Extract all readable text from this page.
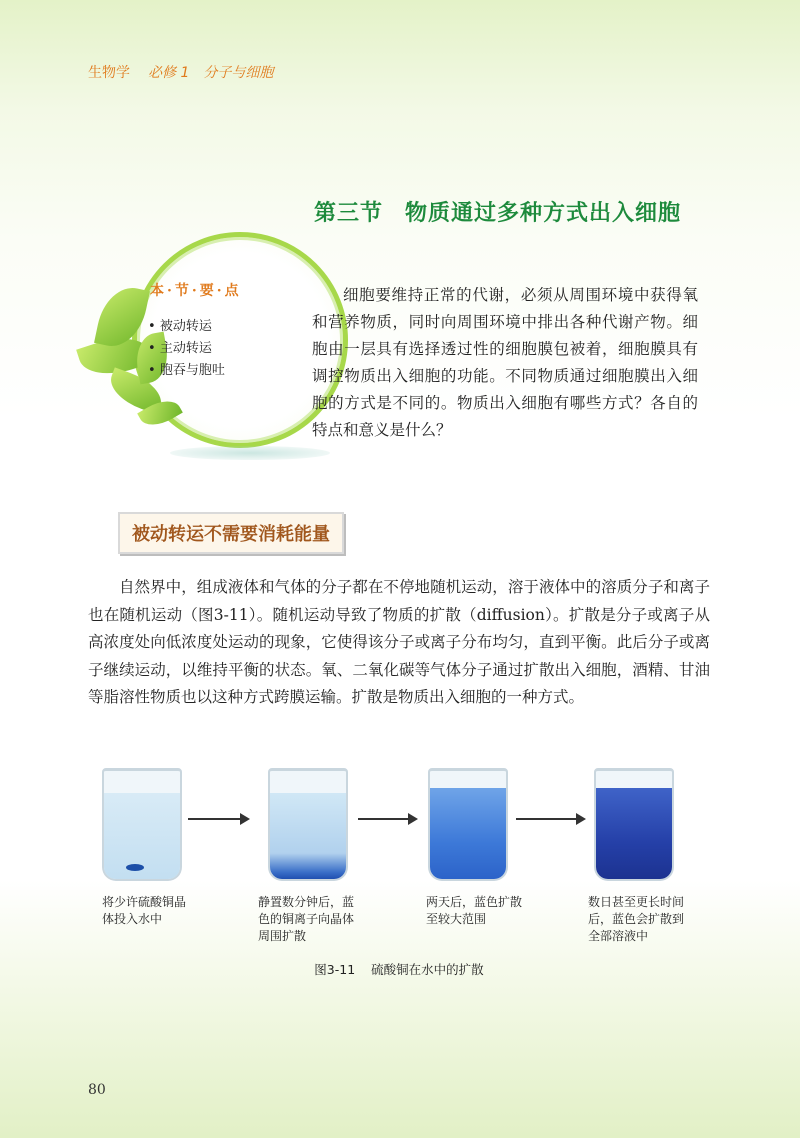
生物学 必修 1　分子与细胞
第三节 物质通过多种方式出入细胞
本·节·要·点
• 被动转运
• 主动转运
• 胞吞与胞吐

细胞要维持正常的代谢，必须从周围环境中获得氧和营养物质，同时向周围环境中排出各种代谢产物。细胞由一层具有选择透过性的细胞膜包被着，细胞膜具有调控物质出入细胞的功能。不同物质通过细胞膜出入细胞的方式是不同的。物质出入细胞有哪些方式？各自的特点和意义是什么？

被动转运不需要消耗能量

自然界中，组成液体和气体的分子都在不停地随机运动，溶于液体中的溶质分子和离子也在随机运动（图3-11）。随机运动导致了物质的扩散（diffusion）。扩散是分子或离子从高浓度处向低浓度处运动的现象，它使得该分子或离子分布均匀，直到平衡。此后分子或离子继续运动，以维持平衡的状态。氧、二氧化碳等气体分子通过扩散出入细胞，酒精、甘油等脂溶性物质也以这种方式跨膜运输。扩散是物质出入细胞的一种方式。

将少许硫酸铜晶体投入水中
静置数分钟后，蓝色的铜离子向晶体周围扩散
两天后，蓝色扩散至较大范围
数日甚至更长时间后，蓝色会扩散到全部溶液中
图3-11 硫酸铜在水中的扩散
80
